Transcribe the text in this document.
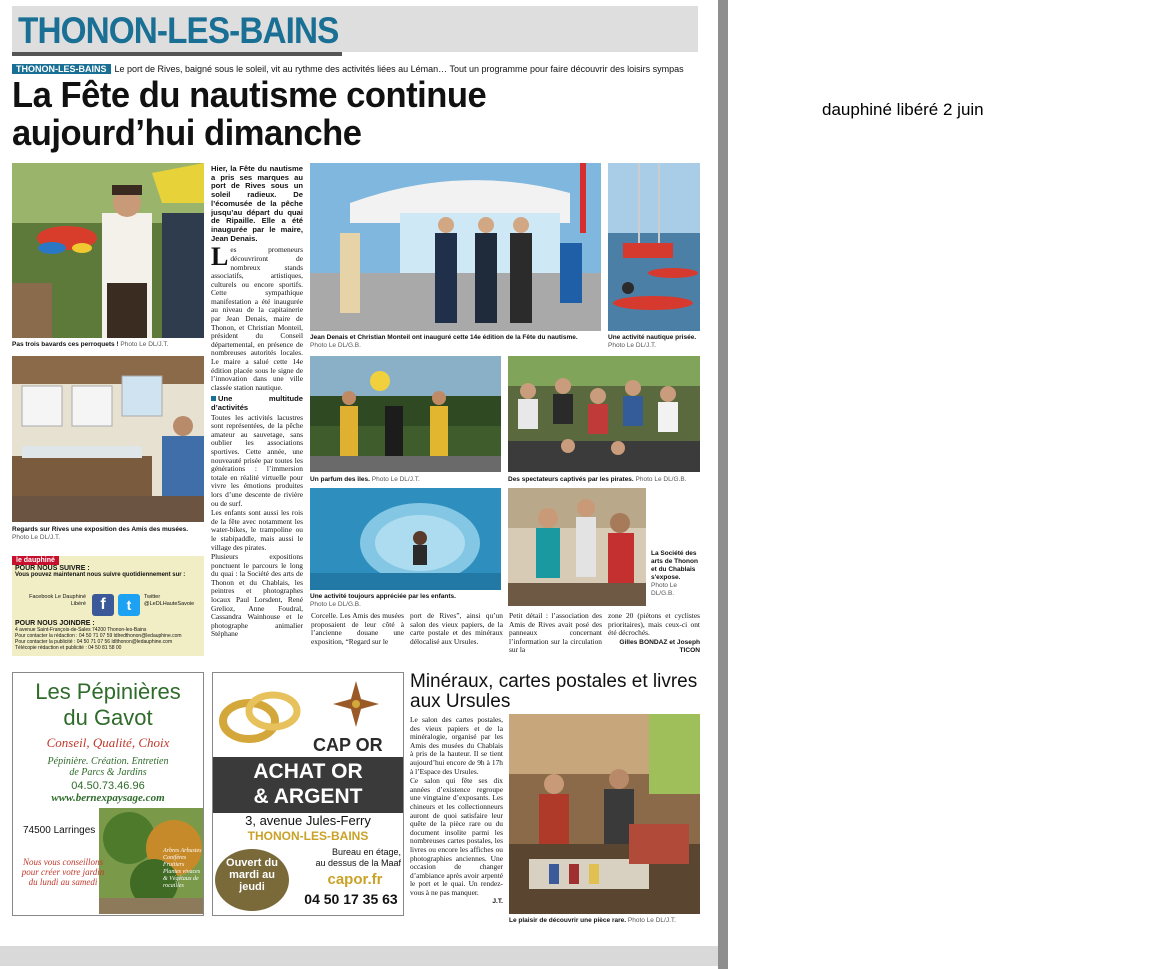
THONON-LES-BAINS
THONON-LES-BAINS Le port de Rives, baigné sous le soleil, vit au rythme des activités liées au Léman… Tout un programme pour faire découvrir des loisirs sympas
La Fête du nautisme continue aujourd’hui dimanche
Pas trois bavards ces perroquets ! Photo Le DL/J.T.
Regards sur Rives une exposition des Amis des musées.
Photo Le DL/J.T.
le dauphiné
POUR NOUS SUIVRE :
Vous pouvez maintenant nous suivre quotidiennement sur :
Facebook Le Dauphiné Libéré f	t	Twitter @LeDLHauteSavoie
POUR NOUS JOINDRE :
4 avenue Saint-François-de-Sales 74200 Thonon-les-Bains
Pour contacter la rédaction : 04 50 71 07 59 ldlredthonon@ledauphine.com
Pour contacter la publicité : 04 50 71 07 56 ldlthonon@ledauphine.com
Télécopie rédaction et publicité : 04 50 81 58 00
Hier, la Fête du nautisme a pris ses marques au port de Rives sous un soleil radieux. De l’écomusée de la pêche jusqu’au départ du quai de Ripaille. Elle a été inaugurée par le maire, Jean Denais.

Les promeneurs découvriront de nombreux stands associatifs, artistiques, culturels ou encore sportifs. Cette sympathique manifestation a été inaugurée au niveau de la capitainerie par Jean Denais, maire de Thonon, et Christian Monteil, président du Conseil départemental, en présence de nombreuses autorités locales. Le maire a salué cette 14e édition placée sous le signe de l’innovation dans une ville classée station nautique.

Une multitude d’activités

Toutes les activités lacustres sont représentées, de la pêche amateur au sauvetage, sans oublier les associations sportives. Cette année, une nouveauté prisée par toutes les générations : l’immersion totale en réalité virtuelle pour vivre les émotions produites lors d’une descente de rivière ou de surf.

Les enfants sont aussi les rois de la fête avec notamment les water-bikes, le trampoline ou le stabipaddle, mais aussi le village des pirates.

Plusieurs expositions ponctuent le parcours le long du quai : la Société des arts de Thonon et du Chablais, les peintres et photographes locaux Paul Lorsdent, René Grelioz, Anne Foudral, Cassandra Wainhouse et le photographe animalier Stéphane

Jean Denais et Christian Monteil ont inauguré cette 14e édition de la Fête du nautisme.
Photo Le DL/G.B.
Une activité nautique prisée.
Photo Le DL/J.T.
Un parfum des îles. Photo Le DL/J.T.	Des spectateurs captivés par les pirates. Photo Le DL/G.B.
Une activité toujours appréciée par les enfants.
Photo Le DL/G.B.
La Société des arts de Thonon et du Chablais s'expose.
Photo Le DL/G.B.

Corcelle. Les Amis des musées proposaient de leur côté à l’ancienne douane une exposition, “Regard sur le

port de Rives”, ainsi qu’un salon des vieux papiers, de la carte postale et des minéraux délocalisé aux Ursules.

Petit détail : l’association des Amis de Rives avait posé des panneaux concernant l’information sur la circulation sur la

zone 20 (piétons et cyclistes prioritaires), mais ceux-ci ont été décrochés.

Gilles BONDAZ et Joseph TICON
Les Pépinières
du Gavot
Conseil, Qualité, Choix
Pépinière. Création. Entretien
de Parcs & Jardins
04.50.73.46.96
www.bernexpaysage.com
74500 Larringes
Arbres Arbustes Conifères Fruitiers Plantes vivaces & Végétaux de rocailles
Nous vous conseillons pour créer votre jardin du lundi au samedi
CAP OR
ACHAT OR
& ARGENT
3, avenue Jules-Ferry
THONON-LES-BAINS
Bureau en étage,
au dessus de la Maaf
Ouvert du mardi au jeudi	capor.fr
04 50 17 35 63
Minéraux, cartes postales et livres aux Ursules

Le salon des cartes postales, des vieux papiers et de la minéralogie, organisé par les Amis des musées du Chablais à pris de la hauteur. Il se tient aujourd’hui encore de 9h à 17h à l’Espace des Ursules.

Ce salon qui fête ses dix années d’existence regroupe une vingtaine d’exposants. Les chineurs et les collectionneurs auront de quoi satisfaire leur quête de la pièce rare ou du document insolite parmi les nombreuses cartes postales, les livres ou encore les affiches ou photographies anciennes. Une occasion de changer d’ambiance après avoir arpenté le port et le quai. Un rendez-vous à ne pas manquer.

J.T.
Le plaisir de découvrir une pièce rare. Photo Le DL/J.T.
dauphiné libéré 2 juin
